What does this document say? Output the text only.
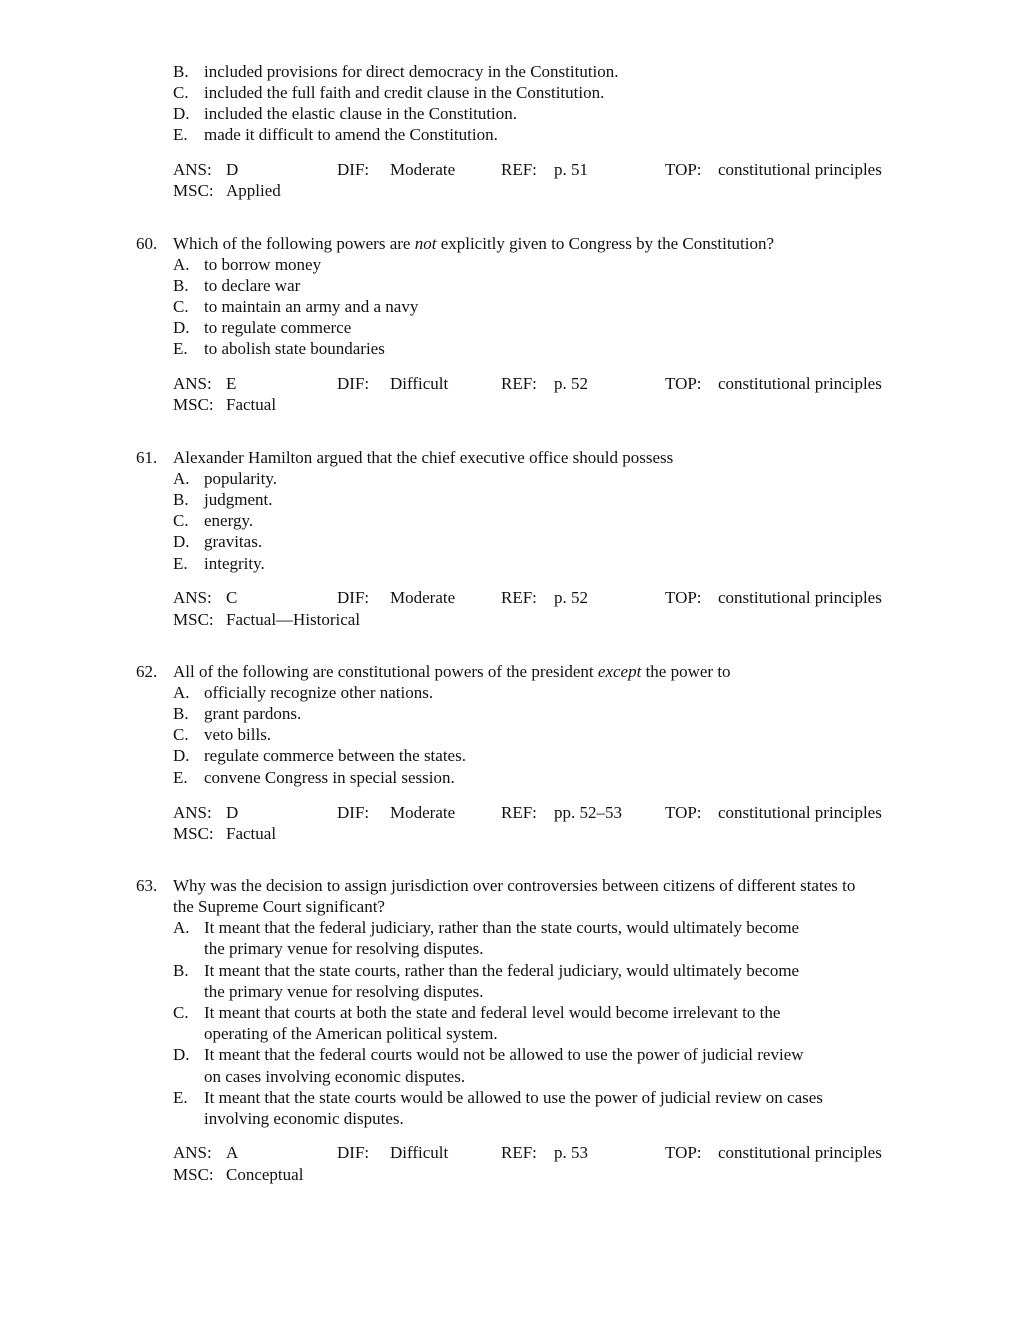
B. included provisions for direct democracy in the Constitution.
C. included the full faith and credit clause in the Constitution.
D. included the elastic clause in the Constitution.
E. made it difficult to amend the Constitution.
ANS: D	DIF: Moderate	REF: p. 51	TOP: constitutional principles
MSC: Applied
60. Which of the following powers are not explicitly given to Congress by the Constitution?
A. to borrow money
B. to declare war
C. to maintain an army and a navy
D. to regulate commerce
E. to abolish state boundaries
ANS: E	DIF: Difficult	REF: p. 52	TOP: constitutional principles
MSC: Factual
61. Alexander Hamilton argued that the chief executive office should possess
A. popularity.
B. judgment.
C. energy.
D. gravitas.
E. integrity.
ANS: C	DIF: Moderate	REF: p. 52	TOP: constitutional principles
MSC: Factual—Historical
62. All of the following are constitutional powers of the president except the power to
A. officially recognize other nations.
B. grant pardons.
C. veto bills.
D. regulate commerce between the states.
E. convene Congress in special session.
ANS: D	DIF: Moderate	REF: pp. 52–53	TOP: constitutional principles
MSC: Factual
63. Why was the decision to assign jurisdiction over controversies between citizens of different states to
the Supreme Court significant?
A. It meant that the federal judiciary, rather than the state courts, would ultimately become
the primary venue for resolving disputes.
B. It meant that the state courts, rather than the federal judiciary, would ultimately become
the primary venue for resolving disputes.
C. It meant that courts at both the state and federal level would become irrelevant to the
operating of the American political system.
D. It meant that the federal courts would not be allowed to use the power of judicial review
on cases involving economic disputes.
E. It meant that the state courts would be allowed to use the power of judicial review on cases
involving economic disputes.
ANS: A	DIF: Difficult	REF: p. 53	TOP: constitutional principles
MSC: Conceptual
